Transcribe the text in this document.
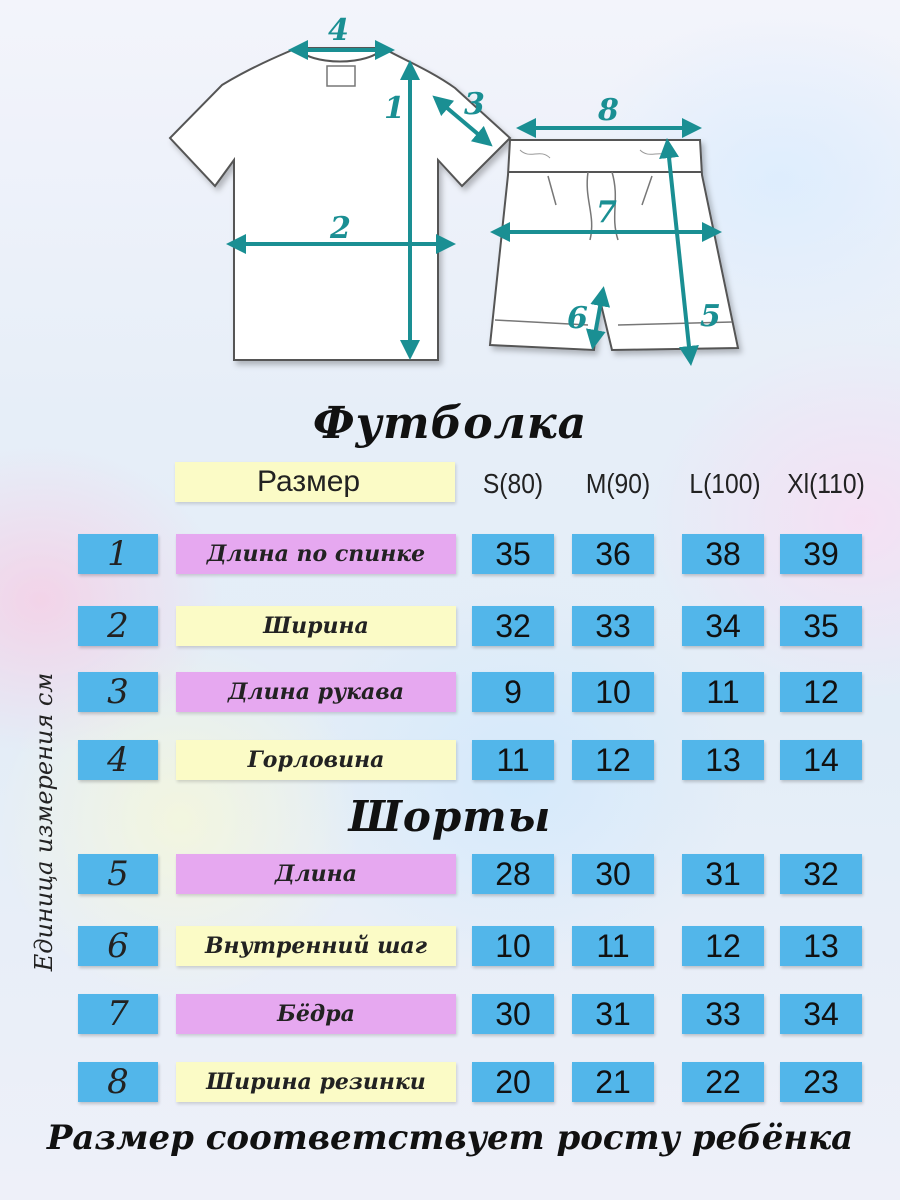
4
1 3
2
8
7
6	5
Единица измерения см
Футболка
Размер	S(80) M(90) L(100) Xl(110)
1	Длина по спинке	35	36	38	39
2	Ширина	32	33	34	35
3	Длина рукава	9	10	11	12
4	Горловина	11	12	13	14
Шорты
5	Длина	28	30	31	32
6	Внутренний шаг	10	11	12	13
7	Бёдра	30	31	33	34
8	Ширина резинки	20	21	22	23
Размер соответствует росту ребёнка
